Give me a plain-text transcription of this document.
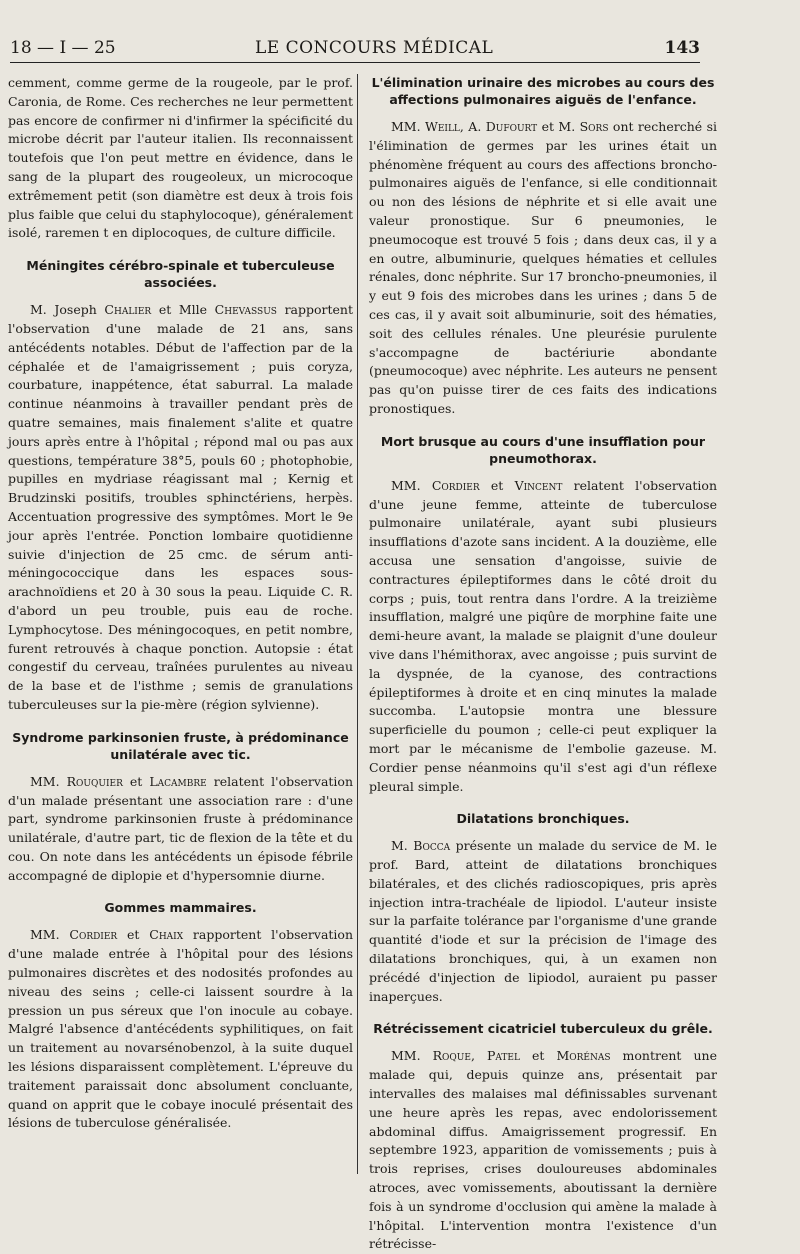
18 — I — 25	LE CONCOURS MÉDICAL	143

cemment, comme germe de la rougeole, par le prof. Caronia, de Rome. Ces recherches ne leur permettent pas encore de confirmer ni d'infirmer la spécificité du microbe décrit par l'auteur italien. Ils reconnaissent toutefois que l'on peut mettre en évidence, dans le sang de la plupart des rougeoleux, un microcoque extrêmement petit (son diamètre est deux à trois fois plus faible que celui du staphylocoque), généralement isolé, raremen t en diplocoques, de culture difficile.

Méningites cérébro-spinale et tuberculeuse associées.

M. Joseph Chalier et Mlle Chevassus rapportent l'observation d'une malade de 21 ans, sans antécédents notables. Début de l'affection par de la céphalée et de l'amaigrissement ; puis coryza, courbature, inappétence, état saburral. La malade continue néanmoins à travailler pendant près de quatre semaines, mais finalement s'alite et quatre jours après entre à l'hôpital ; répond mal ou pas aux questions, température 38°5, pouls 60 ; photophobie, pupilles en mydriase réagissant mal ; Kernig et Brudzinski positifs, troubles sphinctériens, herpès. Accentuation progressive des symptômes. Mort le 9e jour après l'entrée. Ponction lombaire quotidienne suivie d'injection de 25 cmc. de sérum anti-méningococcique dans les espaces sous-arachnoïdiens et 20 à 30 sous la peau. Liquide C. R. d'abord un peu trouble, puis eau de roche. Lymphocytose. Des méningocoques, en petit nombre, furent retrouvés à chaque ponction. Autopsie : état congestif du cerveau, traînées purulentes au niveau de la base et de l'isthme ; semis de granulations tuberculeuses sur la pie-mère (région sylvienne).

Syndrome parkinsonien fruste, à prédominance unilatérale avec tic.

MM. Rouquier et Lacambre relatent l'observation d'un malade présentant une association rare : d'une part, syndrome parkinsonien fruste à prédominance unilatérale, d'autre part, tic de flexion de la tête et du cou. On note dans les antécédents un épisode fébrile accompagné de diplopie et d'hypersomnie diurne.

Gommes mammaires.

MM. Cordier et Chaix rapportent l'observation d'une malade entrée à l'hôpital pour des lésions pulmonaires discrètes et des nodosités profondes au niveau des seins ; celle-ci laissent sourdre à la pression un pus séreux que l'on inocule au cobaye. Malgré l'absence d'antécédents syphilitiques, on fait un traitement au novarsénobenzol, à la suite duquel les lésions disparaissent complètement. L'épreuve du traitement paraissait donc absolument concluante, quand on apprit que le cobaye inoculé présentait des lésions de tuberculose généralisée.

L'élimination urinaire des microbes au cours des affections pulmonaires aiguës de l'enfance.

MM. Weill, A. Dufourt et M. Sors ont recherché si l'élimination de germes par les urines était un phénomène fréquent au cours des affections broncho-pulmonaires aiguës de l'enfance, si elle conditionnait ou non des lésions de néphrite et si elle avait une valeur pronostique. Sur 6 pneumonies, le pneumocoque est trouvé 5 fois ; dans deux cas, il y a en outre, albuminurie, quelques hématies et cellules rénales, donc néphrite. Sur 17 broncho-pneumonies, il y eut 9 fois des microbes dans les urines ; dans 5 de ces cas, il y avait soit albuminurie, soit des hématies, soit des cellules rénales. Une pleurésie purulente s'accompagne de bactériurie abondante (pneumocoque) avec néphrite. Les auteurs ne pensent pas qu'on puisse tirer de ces faits des indications pronostiques.

Mort brusque au cours d'une insufflation pour pneumothorax.

MM. Cordier et Vincent relatent l'observation d'une jeune femme, atteinte de tuberculose pulmonaire unilatérale, ayant subi plusieurs insufflations d'azote sans incident. A la douzième, elle accusa une sensation d'angoisse, suivie de contractures épileptiformes dans le côté droit du corps ; puis, tout rentra dans l'ordre. A la treizième insufflation, malgré une piqûre de morphine faite une demi-heure avant, la malade se plaignit d'une douleur vive dans l'hémithorax, avec angoisse ; puis survint de la dyspnée, de la cyanose, des contractions épileptiformes à droite et en cinq minutes la malade succomba. L'autopsie montra une blessure superficielle du poumon ; celle-ci peut expliquer la mort par le mécanisme de l'embolie gazeuse. M. Cordier pense néanmoins qu'il s'est agi d'un réflexe pleural simple.

Dilatations bronchiques.

M. Bocca présente un malade du service de M. le prof. Bard, atteint de dilatations bronchiques bilatérales, et des clichés radioscopiques, pris après injection intra-trachéale de lipiodol. L'auteur insiste sur la parfaite tolérance par l'organisme d'une grande quantité d'iode et sur la précision de l'image des dilatations bronchiques, qui, à un examen non précédé d'injection de lipiodol, auraient pu passer inaperçues.

Rétrécissement cicatriciel tuberculeux du grêle.

MM. Roque, Patel et Morénas montrent une malade qui, depuis quinze ans, présentait par intervalles des malaises mal définissables survenant une heure après les repas, avec endolorissement abdominal diffus. Amaigrissement progressif. En septembre 1923, apparition de vomissements ; puis à trois reprises, crises douloureuses abdominales atroces, avec vomissements, aboutissant la dernière fois à un syndrome d'occlusion qui amène la malade à l'hôpital. L'intervention montra l'existence d'un rétrécisse-
